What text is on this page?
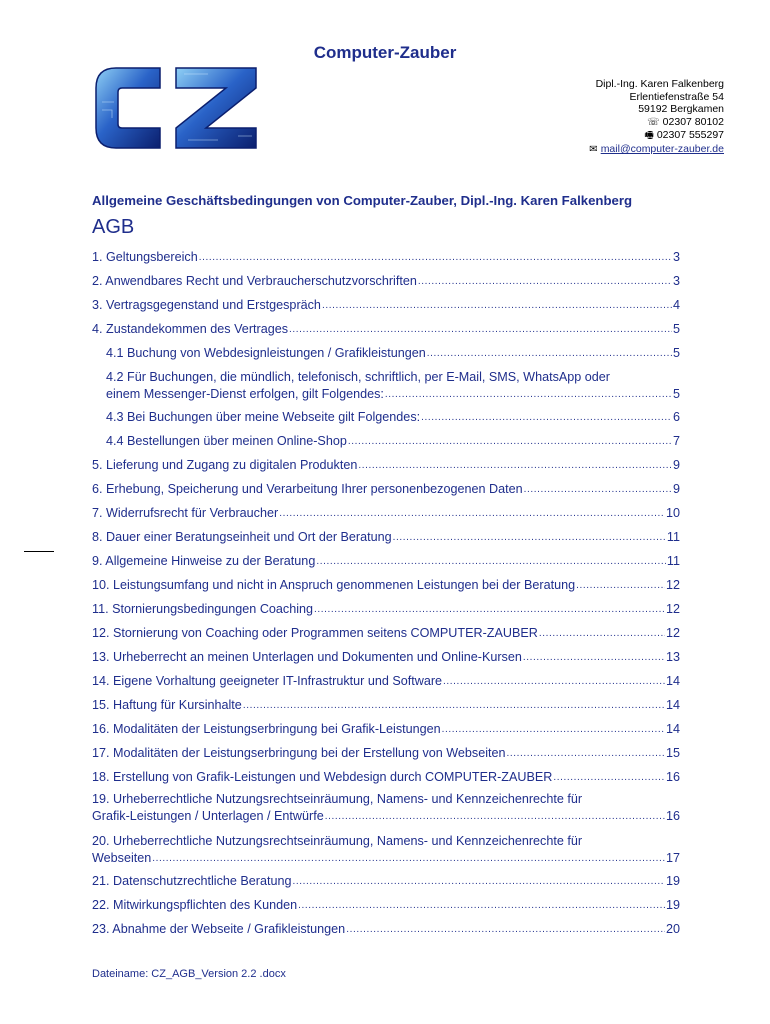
Computer-Zauber
Dipl.-Ing. Karen Falkenberg
Erlentiefenstraße 54
59192 Bergkamen
☏ 02307 80102
🖷 02307 555297
✉ mail@computer-zauber.de
Allgemeine Geschäftsbedingungen von Computer-Zauber, Dipl.-Ing. Karen Falkenberg
AGB
1. Geltungsbereich .....	3
2. Anwendbares Recht und Verbraucherschutzvorschriften .....	3
3. Vertragsgegenstand und Erstgespräch .....	4
4. Zustandekommen des Vertrages .....	5
4.1 Buchung von Webdesignleistungen / Grafikleistungen .....	5
4.2 Für Buchungen, die mündlich, telefonisch, schriftlich, per E-Mail, SMS, WhatsApp oder
einem Messenger-Dienst erfolgen, gilt Folgendes: .....	5
4.3 Bei Buchungen über meine Webseite gilt Folgendes: .....	6
4.4 Bestellungen über meinen Online-Shop .....	7
5. Lieferung und Zugang zu digitalen Produkten .....	9
6. Erhebung, Speicherung und Verarbeitung Ihrer personenbezogenen Daten .....	9
7. Widerrufsrecht für Verbraucher .....	10
8. Dauer einer Beratungseinheit und Ort der Beratung .....	11
9. Allgemeine Hinweise zu der Beratung .....	11
10. Leistungsumfang und nicht in Anspruch genommenen Leistungen bei der Beratung .....	12
11. Stornierungsbedingungen Coaching .....	12
12. Stornierung von Coaching oder Programmen seitens COMPUTER-ZAUBER .....	12
13. Urheberrecht an meinen Unterlagen und Dokumenten und Online-Kursen .....	13
14. Eigene Vorhaltung geeigneter IT-Infrastruktur und Software .....	14
15. Haftung für Kursinhalte .....	14
16. Modalitäten der Leistungserbringung bei Grafik-Leistungen .....	14
17. Modalitäten der Leistungserbringung bei der Erstellung von Webseiten .....	15
18. Erstellung von Grafik-Leistungen und Webdesign durch COMPUTER-ZAUBER .....	16
19. Urheberrechtliche Nutzungsrechtseinräumung, Namens- und Kennzeichenrechte für
Grafik-Leistungen / Unterlagen / Entwürfe .....	16
20. Urheberrechtliche Nutzungsrechtseinräumung, Namens- und Kennzeichenrechte für
Webseiten .....	17
21. Datenschutzrechtliche Beratung .....	19
22. Mitwirkungspflichten des Kunden .....	19
23. Abnahme der Webseite / Grafikleistungen .....	20
Dateiname: CZ_AGB_Version 2.2 .docx
